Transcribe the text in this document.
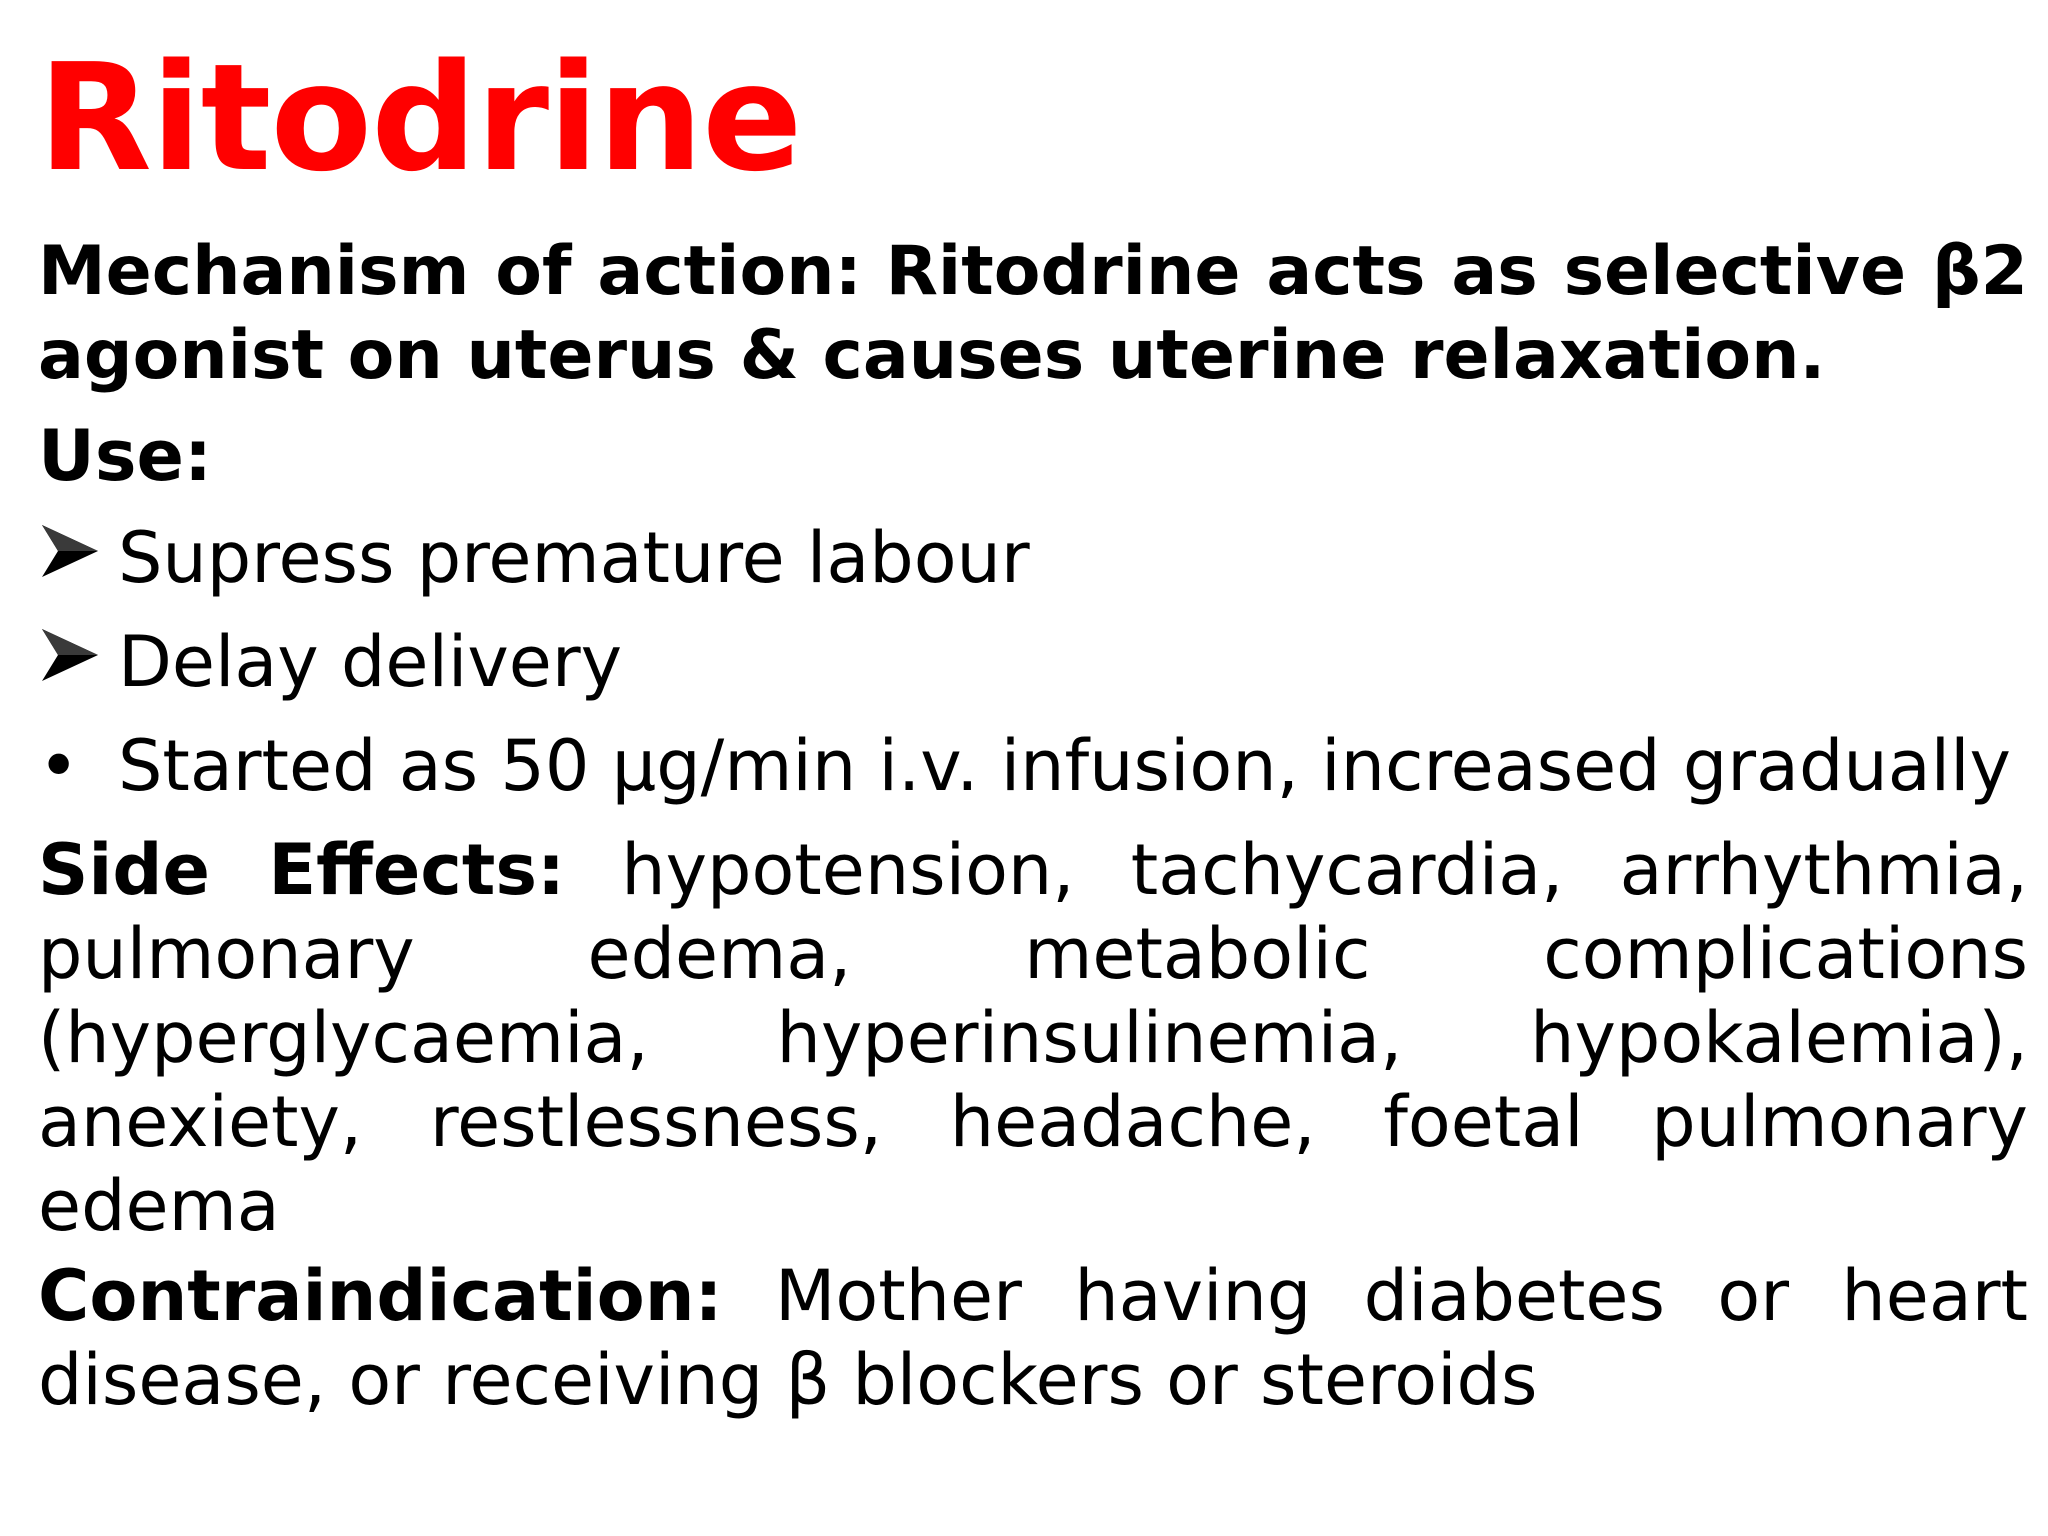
Ritodrine
Mechanism of action: Ritodrine acts as selective β2 agonist on uterus & causes uterine relaxation.
Use:
Supress premature labour
Delay delivery
• Started as 50 µg/min i.v. infusion, increased gradually
Side Effects: hypotension, tachycardia, arrhythmia, pulmonary edema, metabolic complications (hyperglycaemia, hyperinsulinemia, hypokalemia), anexiety, restlessness, headache, foetal pulmonary edema
Contraindication: Mother having diabetes or heart disease, or receiving β blockers or steroids
